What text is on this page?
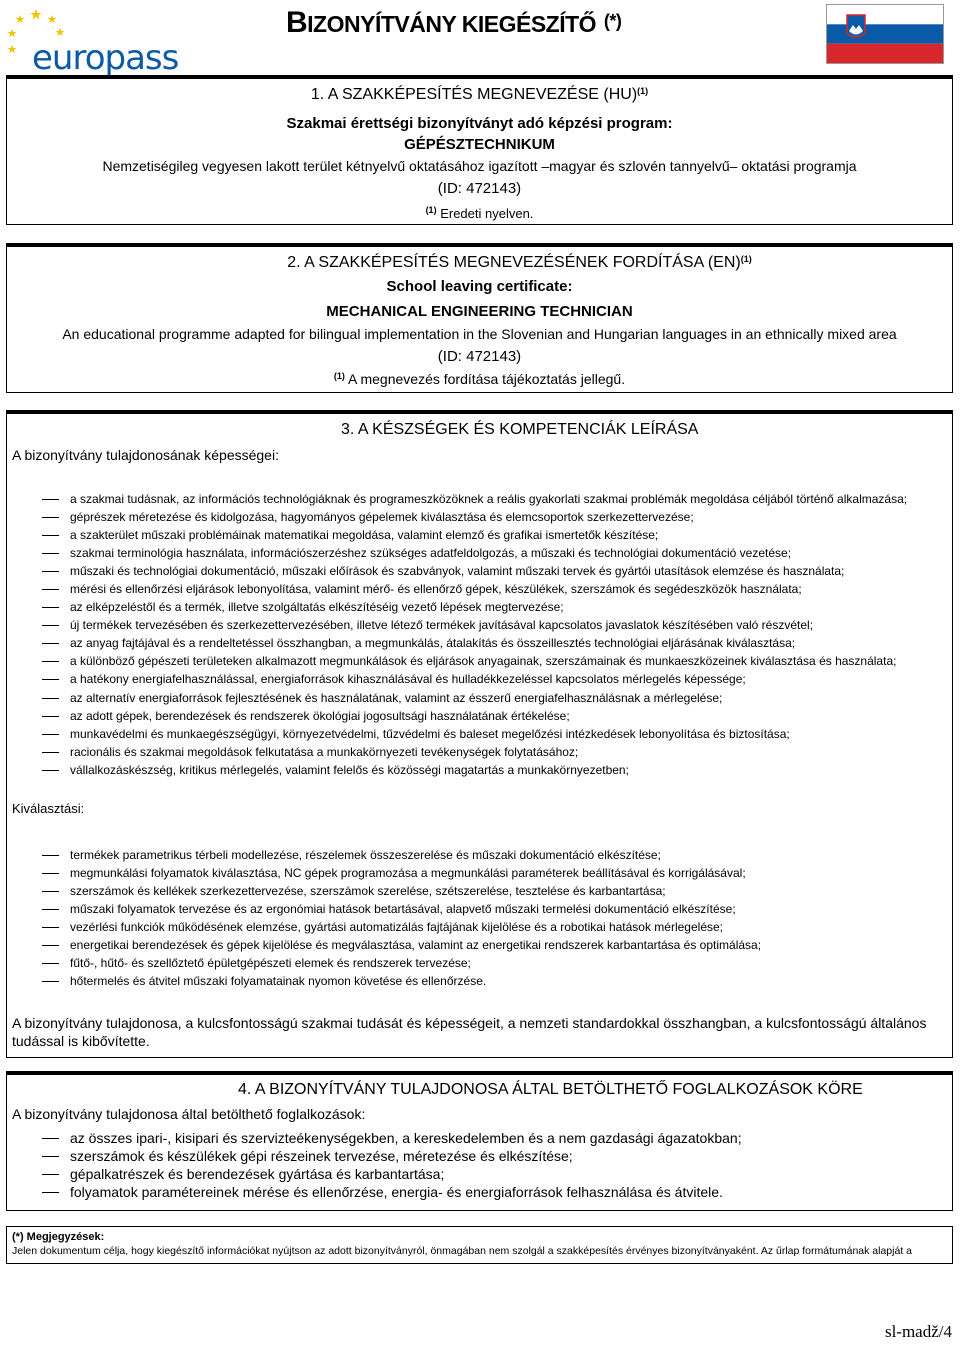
europass
BIZONYÍTVÁNY KIEGÉSZÍTŐ (*)
1. A SZAKKÉPESÍTÉS MEGNEVEZÉSE (HU)$^{(1)}$
Szakmai érettségi bizonyítványt adó képzési program:
GÉPÉSZTECHNIKUM
Nemzetiségileg vegyesen lakott terület kétnyelvű oktatásához igazított –magyar és szlovén tannyelvű– oktatási programja
(ID: 472143)
$^{(1)}$ Eredeti nyelven.
2. A SZAKKÉPESÍTÉS MEGNEVEZÉSÉNEK FORDÍTÁSA (EN)$^{(1)}$
School leaving certificate:
MECHANICAL ENGINEERING TECHNICIAN
An educational programme adapted for bilingual implementation in the Slovenian and Hungarian languages in an ethnically mixed area
(ID: 472143)
$^{(1)}$ A megnevezés fordítása tájékoztatás jellegű.
3. A KÉSZSÉGEK ÉS KOMPETENCIÁK LEÍRÁSA
A bizonyítvány tulajdonosának képességei:
a szakmai tudásnak, az információs technológiáknak és programeszközöknek a reális gyakorlati szakmai problémák megoldása céljából történő alkalmazása;
géprészek méretezése és kidolgozása, hagyományos gépelemek kiválasztása és elemcsoportok szerkezettervezése;
a szakterület műszaki problémáinak matematikai megoldása, valamint elemző és grafikai ismertetők készítése;
szakmai terminológia használata, információszerzéshez szükséges adatfeldolgozás, a műszaki és technológiai dokumentáció vezetése;
műszaki és technológiai dokumentáció, műszaki előírások és szabványok, valamint műszaki tervek és gyártói utasítások elemzése és használata;
mérési és ellenőrzési eljárások lebonyolítása, valamint mérő- és ellenőrző gépek, készülékek, szerszámok és segédeszközök használata;
az elképzeléstől és a termék, illetve szolgáltatás elkészítéséig vezető lépések megtervezése;
új termékek tervezésében és szerkezettervezésében, illetve létező termékek javításával kapcsolatos javaslatok készítésében való részvétel;
az anyag fajtájával és a rendeltetéssel összhangban, a megmunkálás, átalakítás és összeillesztés technológiai eljárásának kiválasztása;
a különböző gépészeti területeken alkalmazott megmunkálások és eljárások anyagainak, szerszámainak és munkaeszközeinek kiválasztása és használata;
a hatékony energiafelhasználással, energiaforrások kihasználásával és hulladékkezeléssel kapcsolatos mérlegelés képessége;
az alternatív energiaforrások fejlesztésének és használatának, valamint az ésszerű energiafelhasználásnak a mérlegelése;
az adott gépek, berendezések és rendszerek ökológiai jogosultsági használatának értékelése;
munkavédelmi és munkaegészségügyi, környezetvédelmi, tűzvédelmi és baleset megelőzési intézkedések lebonyolítása és biztosítása;
racionális és szakmai megoldások felkutatása a munkakörnyezeti tevékenységek folytatásához;
vállalkozáskészség, kritikus mérlegelés, valamint felelős és közösségi magatartás a munkakörnyezetben;
Kiválasztási:
termékek parametrikus térbeli modellezése, részelemek összeszerelése és műszaki dokumentáció elkészítése;
megmunkálási folyamatok kiválasztása, NC gépek programozása a megmunkálási paraméterek beállításával és korrigálásával;
szerszámok és kellékek szerkezettervezése, szerszámok szerelése, szétszerelése, tesztelése és karbantartása;
műszaki folyamatok tervezése és az ergonómiai hatások betartásával, alapvető műszaki termelési dokumentáció elkészítése;
vezérlési funkciók működésének elemzése, gyártási automatizálás fajtájának kijelölése és a robotikai hatások mérlegelése;
energetikai berendezések és gépek kijelölése és megválasztása, valamint az energetikai rendszerek karbantartása és optimálása;
fűtő-, hűtő- és szellőztető épületgépészeti elemek és rendszerek tervezése;
hőtermelés és átvitel műszaki folyamatainak nyomon követése és ellenőrzése.
A bizonyítvány tulajdonosa, a kulcsfontosságú szakmai tudását és képességeit, a nemzeti standardokkal összhangban, a kulcsfontosságú általános
tudással is kibővítette.
4. A BIZONYÍTVÁNY TULAJDONOSA ÁLTAL BETÖLTHETŐ FOGLALKOZÁSOK KÖRE
A bizonyítvány tulajdonosa által betölthető foglalkozások:
az összes ipari-, kisipari és szervizteékenységekben, a kereskedelemben és a nem gazdasági ágazatokban;
szerszámok és készülékek gépi részeinek tervezése, méretezése és elkészítése;
gépalkatrészek és berendezések gyártása és karbantartása;
folyamatok paramétereinek mérése és ellenőrzése, energia- és energiaforrások felhasználása és átvitele.
(*) Megjegyzések:
Jelen dokumentum célja, hogy kiegészítő információkat nyújtson az adott bizonyítványról, önmagában nem szolgál a szakképesítés érvényes bizonyítványaként. Az űrlap formátumának alapját a
sl-madž/4
